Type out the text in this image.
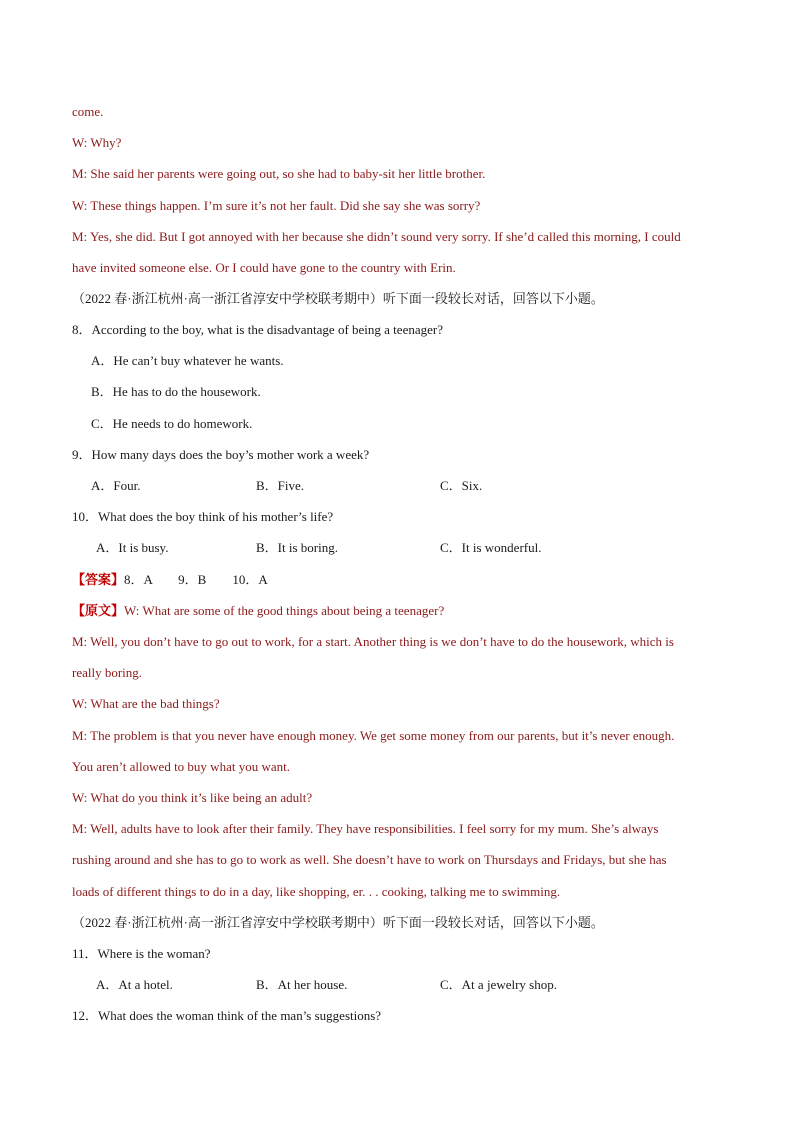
come.
W: Why?
M: She said her parents were going out, so she had to baby-sit her little brother.
W: These things happen. I’m sure it’s not her fault. Did she say she was sorry?
M: Yes, she did. But I got annoyed with her because she didn’t sound very sorry. If she’d called this morning, I could
have invited someone else. Or I could have gone to the country with Erin.
（2022 春·浙江杭州·高一浙江省淳安中学校联考期中）听下面一段较长对话，回答以下小题。
8．According to the boy, what is the disadvantage of being a teenager?
A．He can’t buy whatever he wants.
B．He has to do the housework.
C．He needs to do homework.
9．How many days does the boy’s mother work a week?
A．Four.	B．Five.	C．Six.
10．What does the boy think of his mother’s life?
A．It is busy.	B．It is boring.	C．It is wonderful.
【答案】8．A　　9．B　　10．A
【原文】W: What are some of the good things about being a teenager?
M: Well, you don’t have to go out to work, for a start. Another thing is we don’t have to do the housework, which is
really boring.
W: What are the bad things?
M: The problem is that you never have enough money. We get some money from our parents, but it’s never enough.
You aren’t allowed to buy what you want.
W: What do you think it’s like being an adult?
M: Well, adults have to look after their family. They have responsibilities. I feel sorry for my mum. She’s always
rushing around and she has to go to work as well. She doesn’t have to work on Thursdays and Fridays, but she has
loads of different things to do in a day, like shopping, er. . . cooking, talking me to swimming.
（2022 春·浙江杭州·高一浙江省淳安中学校联考期中）听下面一段较长对话，回答以下小题。
11．Where is the woman?
A．At a hotel.	B．At her house.	C．At a jewelry shop.
12．What does the woman think of the man’s suggestions?
